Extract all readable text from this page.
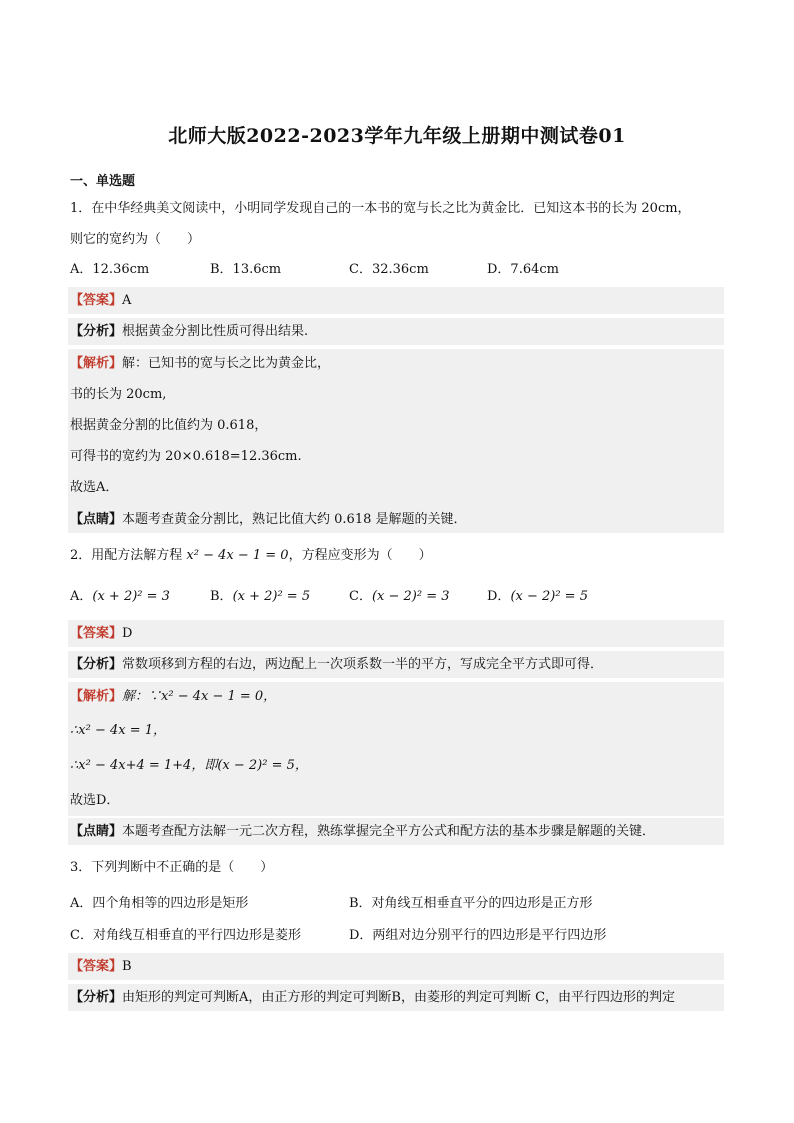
北师大版2022-2023学年九年级上册期中测试卷01
一、单选题
1．在中华经典美文阅读中，小明同学发现自己的一本书的宽与长之比为黄金比．已知这本书的长为 20cm，
则它的宽约为（　　）
A．12.36cm	B．13.6cm	C．32.36cm	D．7.64cm
【答案】A
【分析】根据黄金分割比性质可得出结果.
【解析】解：已知书的宽与长之比为黄金比，
书的长为 20cm,
根据黄金分割的比值约为 0.618，
可得书的宽约为 20×0.618=12.36cm.
故选A．
【点睛】本题考查黄金分割比，熟记比值大约 0.618 是解题的关键．
2．用配方法解方程 x² − 4x − 1 = 0，方程应变形为（　　）
A．(x + 2)² = 3	B．(x + 2)² = 5	C．(x − 2)² = 3	D．(x − 2)² = 5
【答案】D
【分析】常数项移到方程的右边，两边配上一次项系数一半的平方，写成完全平方式即可得．
【解析】解：∵x² − 4x − 1 = 0，
∴x² − 4x = 1，
∴x² − 4x+4 = 1+4，即(x − 2)² = 5，
故选D．
【点睛】本题考查配方法解一元二次方程，熟练掌握完全平方公式和配方法的基本步骤是解题的关键．
3．下列判断中不正确的是（　　）
A．四个角相等的四边形是矩形	B．对角线互相垂直平分的四边形是正方形
C．对角线互相垂直的平行四边形是菱形	D．两组对边分别平行的四边形是平行四边形
【答案】B
【分析】由矩形的判定可判断A，由正方形的判定可判断B，由菱形的判定可判断 C，由平行四边形的判定
